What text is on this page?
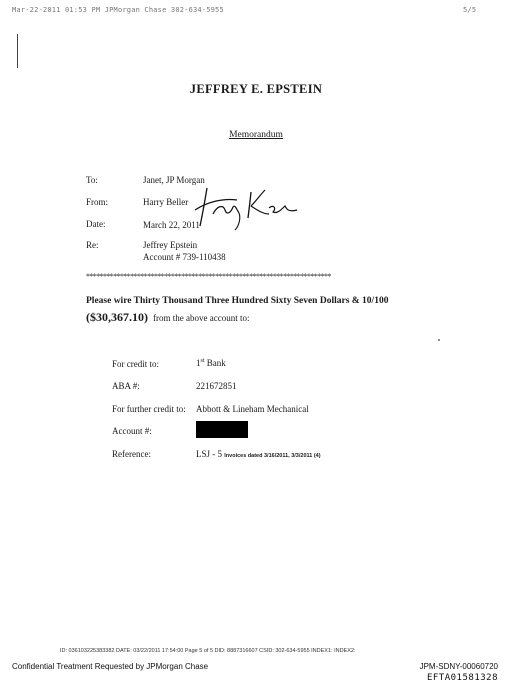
Mar-22-2011 01:53 PM JPMorgan Chase 302-634-5955	5/5
JEFFREY E. EPSTEIN
Memorandum
To:	Janet, JP Morgan
From:	Harry Beller
Date:	March 22, 2011
Re:	Jeffrey Epstein
Account # 739-110438
************************************************************************
Please wire Thirty Thousand Three Hundred Sixty Seven Dollars & 10/100
($30,367.10) from the above account to:
For credit to:	1st Bank
ABA #:	221672851
For further credit to: Abbott & Lineham Mechanical
Account #:
Reference:	LSJ - 5 Invoices dated 3/16/2011, 3/3/2011 (4)
ID: 036103225383382 DATE: 03/22/2011 17:54:00 Page 5 of 5 DID: 8887316607 CSID: 302-634-5955 INDEX1: INDEX2:
Confidential Treatment Requested by JPMorgan Chase	JPM-SDNY-00060720
EFTA01581328
